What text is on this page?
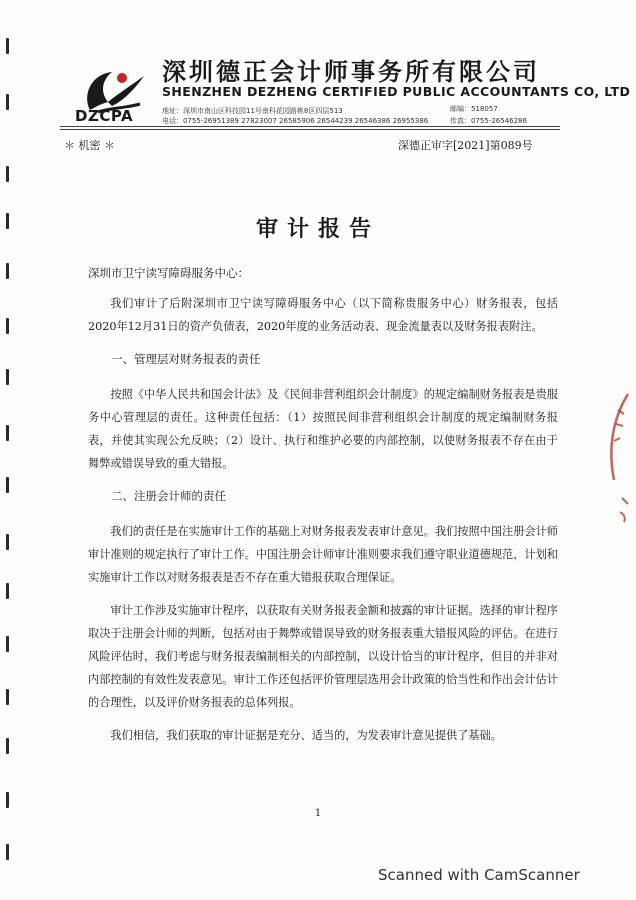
DZCPA
深圳德正会计师事务所有限公司
SHENZHEN DEZHENG CERTIFIED PUBLIC ACCOUNTANTS CO, LTD
地址：深圳市南山区科技园11号南科花园路桃8区四层513
电话：0755-26951389 27823007 26585906 26544239 26546386 26955386
邮编：518057
传真：0755-26546286
＊ 机密 ＊	深德正审字[2021]第089号
审计报告

深圳市卫宁读写障碍服务中心：

我们审计了后附深圳市卫宁读写障碍服务中心（以下简称贵服务中心）财务报表，包括2020年12月31日的资产负债表，2020年度的业务活动表、现金流量表以及财务报表附注。

一、管理层对财务报表的责任

按照《中华人民共和国会计法》及《民间非营利组织会计制度》的规定编制财务报表是贵服务中心管理层的责任。这种责任包括：（1）按照民间非营利组织会计制度的规定编制财务报表，并使其实现公允反映；（2）设计、执行和维护必要的内部控制，以使财务报表不存在由于舞弊或错误导致的重大错报。

二、注册会计师的责任

我们的责任是在实施审计工作的基础上对财务报表发表审计意见。我们按照中国注册会计师审计准则的规定执行了审计工作。中国注册会计师审计准则要求我们遵守职业道德规范，计划和实施审计工作以对财务报表是否不存在重大错报获取合理保证。

审计工作涉及实施审计程序，以获取有关财务报表金额和披露的审计证据。选择的审计程序取决于注册会计师的判断，包括对由于舞弊或错误导致的财务报表重大错报风险的评估。在进行风险评估时，我们考虑与财务报表编制相关的内部控制，以设计恰当的审计程序，但目的并非对内部控制的有效性发表意见。审计工作还包括评价管理层选用会计政策的恰当性和作出会计估计的合理性，以及评价财务报表的总体列报。

我们相信，我们获取的审计证据是充分、适当的，为发表审计意见提供了基础。

1
Scanned with CamScanner
